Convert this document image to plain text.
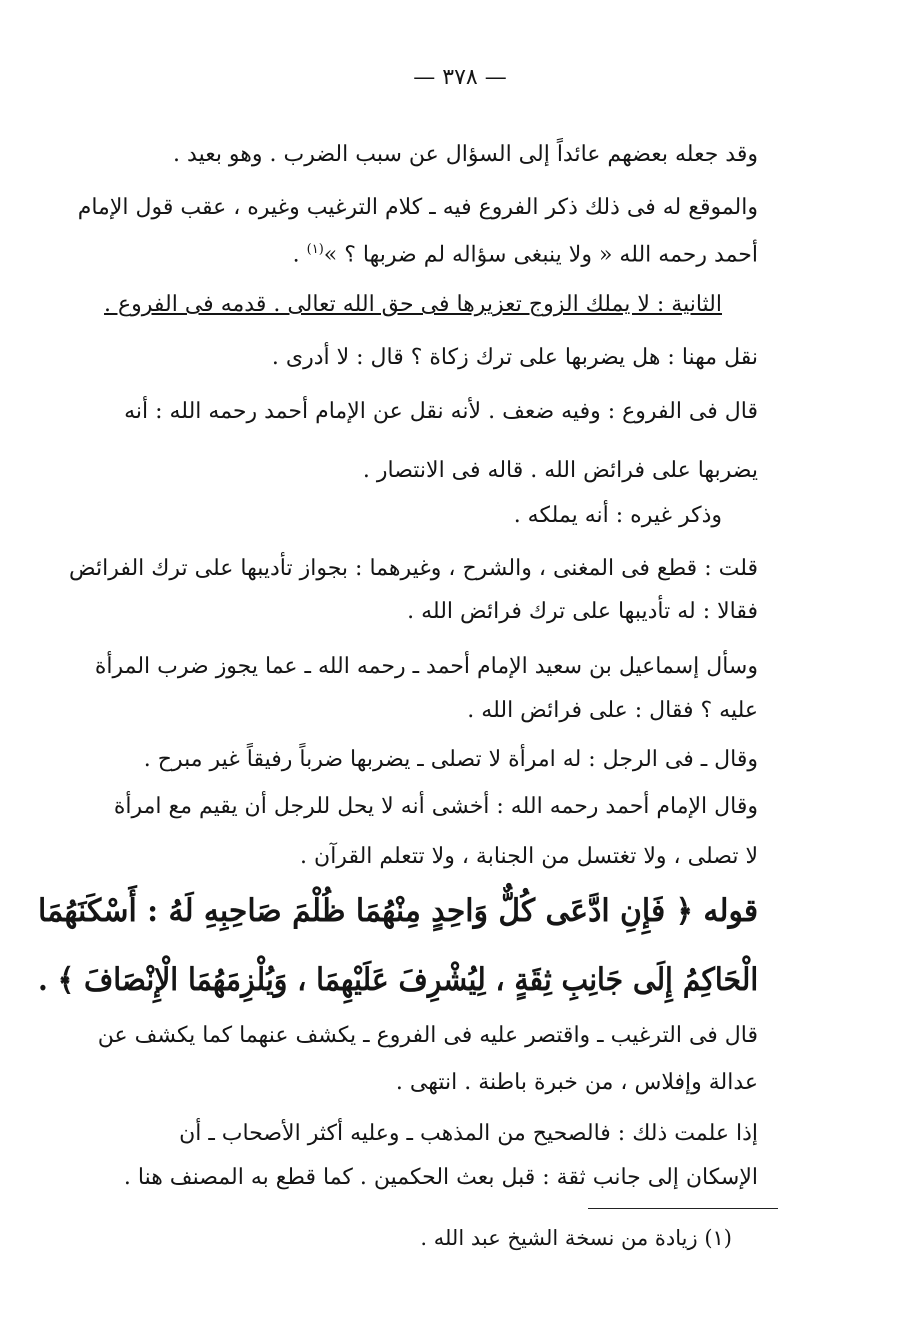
— ٣٧٨ —
وقد جعله بعضهم عائداً إلى السؤال عن سبب الضرب . وهو بعيد .
والموقع له فى ذلك ذكر الفروع فيه ـ كلام الترغيب وغيره ، عقب قول الإمام
أحمد رحمه الله « ولا ينبغى سؤاله لم ضربها ؟ »$^{(١)}$ .
الثانية : لا يملك الزوج تعزيرها فى حق الله تعالى . قدمه فى الفروع .
نقل مهنا : هل يضربها على ترك زكاة ؟ قال : لا أدرى .
قال فى الفروع : وفيه ضعف . لأنه نقل عن الإمام أحمد رحمه الله : أنه
يضربها على فرائض الله . قاله فى الانتصار .
وذكر غيره : أنه يملكه .
قلت : قطع فى المغنى ، والشرح ، وغيرهما : بجواز تأديبها على ترك الفرائض
فقالا : له تأديبها على ترك فرائض الله .
وسأل إسماعيل بن سعيد الإمام أحمد ـ رحمه الله ـ عما يجوز ضرب المرأة
عليه ؟ فقال : على فرائض الله .
وقال ـ فى الرجل : له امرأة لا تصلى ـ يضربها ضرباً رفيقاً غير مبرح .
وقال الإمام أحمد رحمه الله : أخشى أنه لا يحل للرجل أن يقيم مع امرأة
لا تصلى ، ولا تغتسل من الجنابة ، ولا تتعلم القرآن .
قوله ﴿ فَإِنِ ادَّعَى كُلٌّ وَاحِدٍ مِنْهُمَا ظُلْمَ صَاحِبِهِ لَهُ : أَسْكَنَهُمَا
الْحَاكِمُ إِلَى جَانِبِ ثِقَةٍ ، لِيُشْرِفَ عَلَيْهِمَا ، وَيُلْزِمَهُمَا الْإِنْصَافَ ﴾ .
قال فى الترغيب ـ واقتصر عليه فى الفروع ـ يكشف عنهما كما يكشف عن
عدالة وإفلاس ، من خبرة باطنة . انتهى .
إذا علمت ذلك : فالصحيح من المذهب ـ وعليه أكثر الأصحاب ـ أن
الإسكان إلى جانب ثقة : قبل بعث الحكمين . كما قطع به المصنف هنا .
(١) زيادة من نسخة الشيخ عبد الله .
